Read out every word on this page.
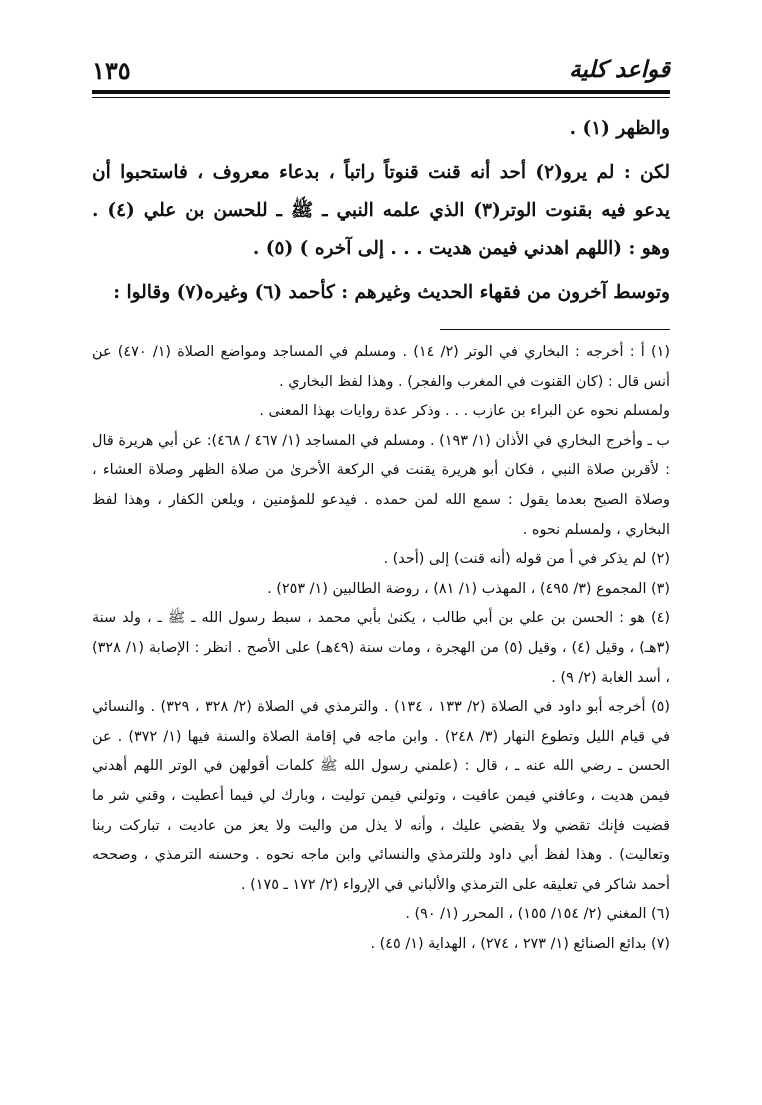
قواعد كلية
١٣٥

والظهر (١) .

لكن : لم يرو(٢) أحد أنه قنت قنوتاً راتباً ، بدعاء معروف ، فاستحبوا أن يدعو فيه بقنوت الوتر(٣) الذي علمه النبي ـ ﷺ ـ للحسن بن علي (٤) . وهو : (اللهم اهدني فيمن هديت . . . إلى آخره ) (٥) .

وتوسط آخرون من فقهاء الحديث وغيرهم : كأحمد (٦) وغيره(٧) وقالوا :

(١) أ : أخرجه : البخاري في الوتر (٢/ ١٤) . ومسلم في المساجد ومواضع الصلاة (١/ ٤٧٠) عن أنس قال : (كان القنوت في المغرب والفجر) . وهذا لفظ البخاري .

ولمسلم نحوه عن البراء بن عازب . . . وذكر عدة روايات بهذا المعنى .

ب ـ وأخرج البخاري في الأذان (١/ ١٩٣) . ومسلم في المساجد (١/ ٤٦٧ / ٤٦٨): عن أبي هريرة قال : لأقربن صلاة النبي ، فكان أبو هريرة يقنت في الركعة الأخرىٰ من صلاة الظهر وصلاة العشاء ، وصلاة الصبح بعدما يقول : سمع الله لمن حمده . فيدعو للمؤمنين ، ويلعن الكفار ، وهذا لفظ البخاري ، ولمسلم نحوه .

(٢) لم يذكر في أ من قوله (أنه قنت) إلى (أحد) .

(٣) المجموع (٣/ ٤٩٥) ، المهذب (١/ ٨١) ، روضة الطالبين (١/ ٢٥٣) .

(٤) هو : الحسن بن علي بن أبي طالب ، يكنىٰ بأبي محمد ، سبط رسول الله ـ ﷺ ـ ، ولد سنة (٣هـ) ، وقيل (٤) ، وقيل (٥) من الهجرة ، ومات سنة (٤٩هـ) على الأصح . انظر : الإصابة (١/ ٣٢٨) ، أسد الغابة (٢/ ٩) .

(٥) أخرجه أبو داود في الصلاة (٢/ ١٣٣ ، ١٣٤) . والترمذي في الصلاة (٢/ ٣٢٨ ، ٣٢٩) . والنسائي في قيام الليل وتطوع النهار (٣/ ٢٤٨) . وابن ماجه في إقامة الصلاة والسنة فيها (١/ ٣٧٢) . عن الحسن ـ رضي الله عنه ـ ، قال : (علمني رسول الله ﷺ كلمات أقولهن في الوتر اللهم أهدني فيمن هديت ، وعافني فيمن عافيت ، وتولني فيمن توليت ، وبارك لي فيما أعطيت ، وقني شر ما قضيت فإنك تقضي ولا يقضي عليك ، وأنه لا يذل من واليت ولا يعز من عاديت ، تباركت ربنا وتعاليت) . وهذا لفظ أبي داود وللترمذي والنسائي وابن ماجه نحوه . وحسنه الترمذي ، وصححه أحمد شاكر في تعليقه على الترمذي والألباني في الإرواء (٢/ ١٧٢ ـ ١٧٥) .

(٦) المغني (٢/ ١٥٤/ ١٥٥) ، المحرر (١/ ٩٠) .

(٧) بدائع الصنائع (١/ ٢٧٣ ، ٢٧٤) ، الهداية (١/ ٤٥) .
